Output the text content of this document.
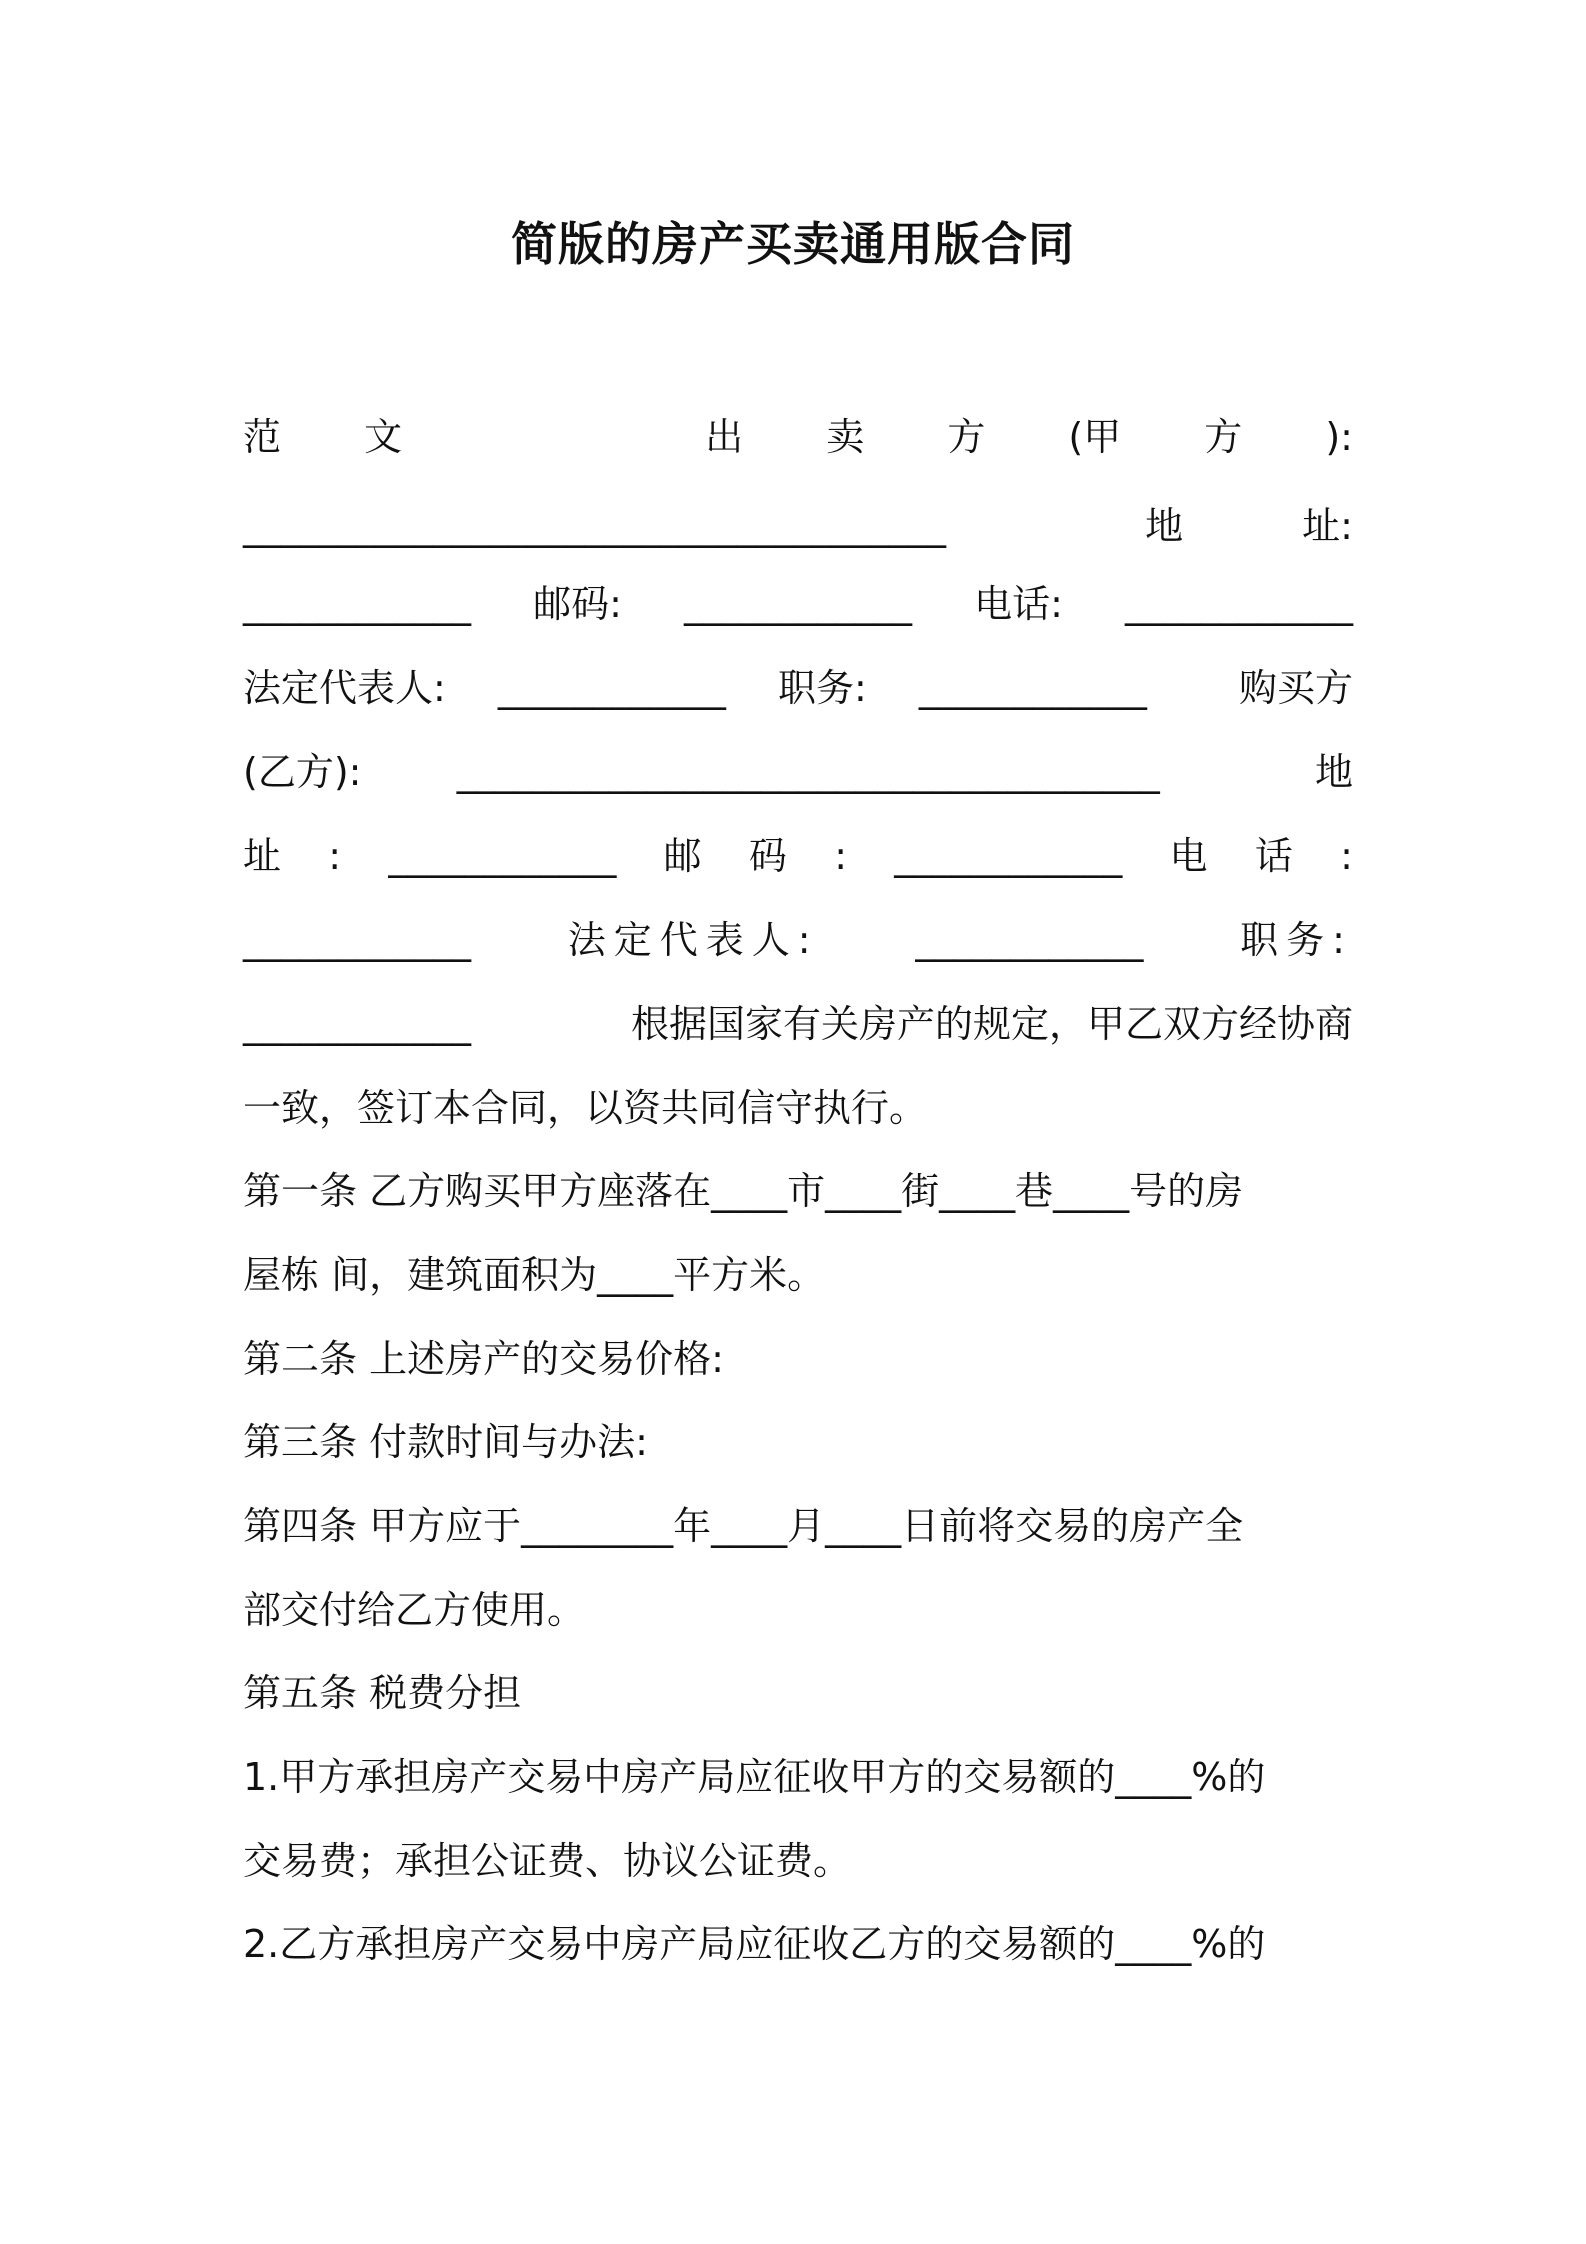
简版的房产买卖通用版合同
范 文	出 卖 方 (甲 方 ):
_____________________________________	地	址:
____________ 邮码: ____________ 电话: ____________
法定代表人: ____________ 职务: ____________ 购买方
(乙方):	_____________________________________	地
址 : ____________ 邮 码 : ____________ 电 话 :
____________	法定代表人:	____________	职务:
____________	根据国家有关房产的规定，甲乙双方经协商
一致，签订本合同，以资共同信守执行。
第一条 乙方购买甲方座落在____市____街____巷____号的房
屋栋 间，建筑面积为____平方米。
第二条 上述房产的交易价格:
第三条 付款时间与办法:
第四条 甲方应于________年____月____日前将交易的房产全
部交付给乙方使用。
第五条 税费分担
1.甲方承担房产交易中房产局应征收甲方的交易额的____%的
交易费；承担公证费、协议公证费。
2.乙方承担房产交易中房产局应征收乙方的交易额的____%的
